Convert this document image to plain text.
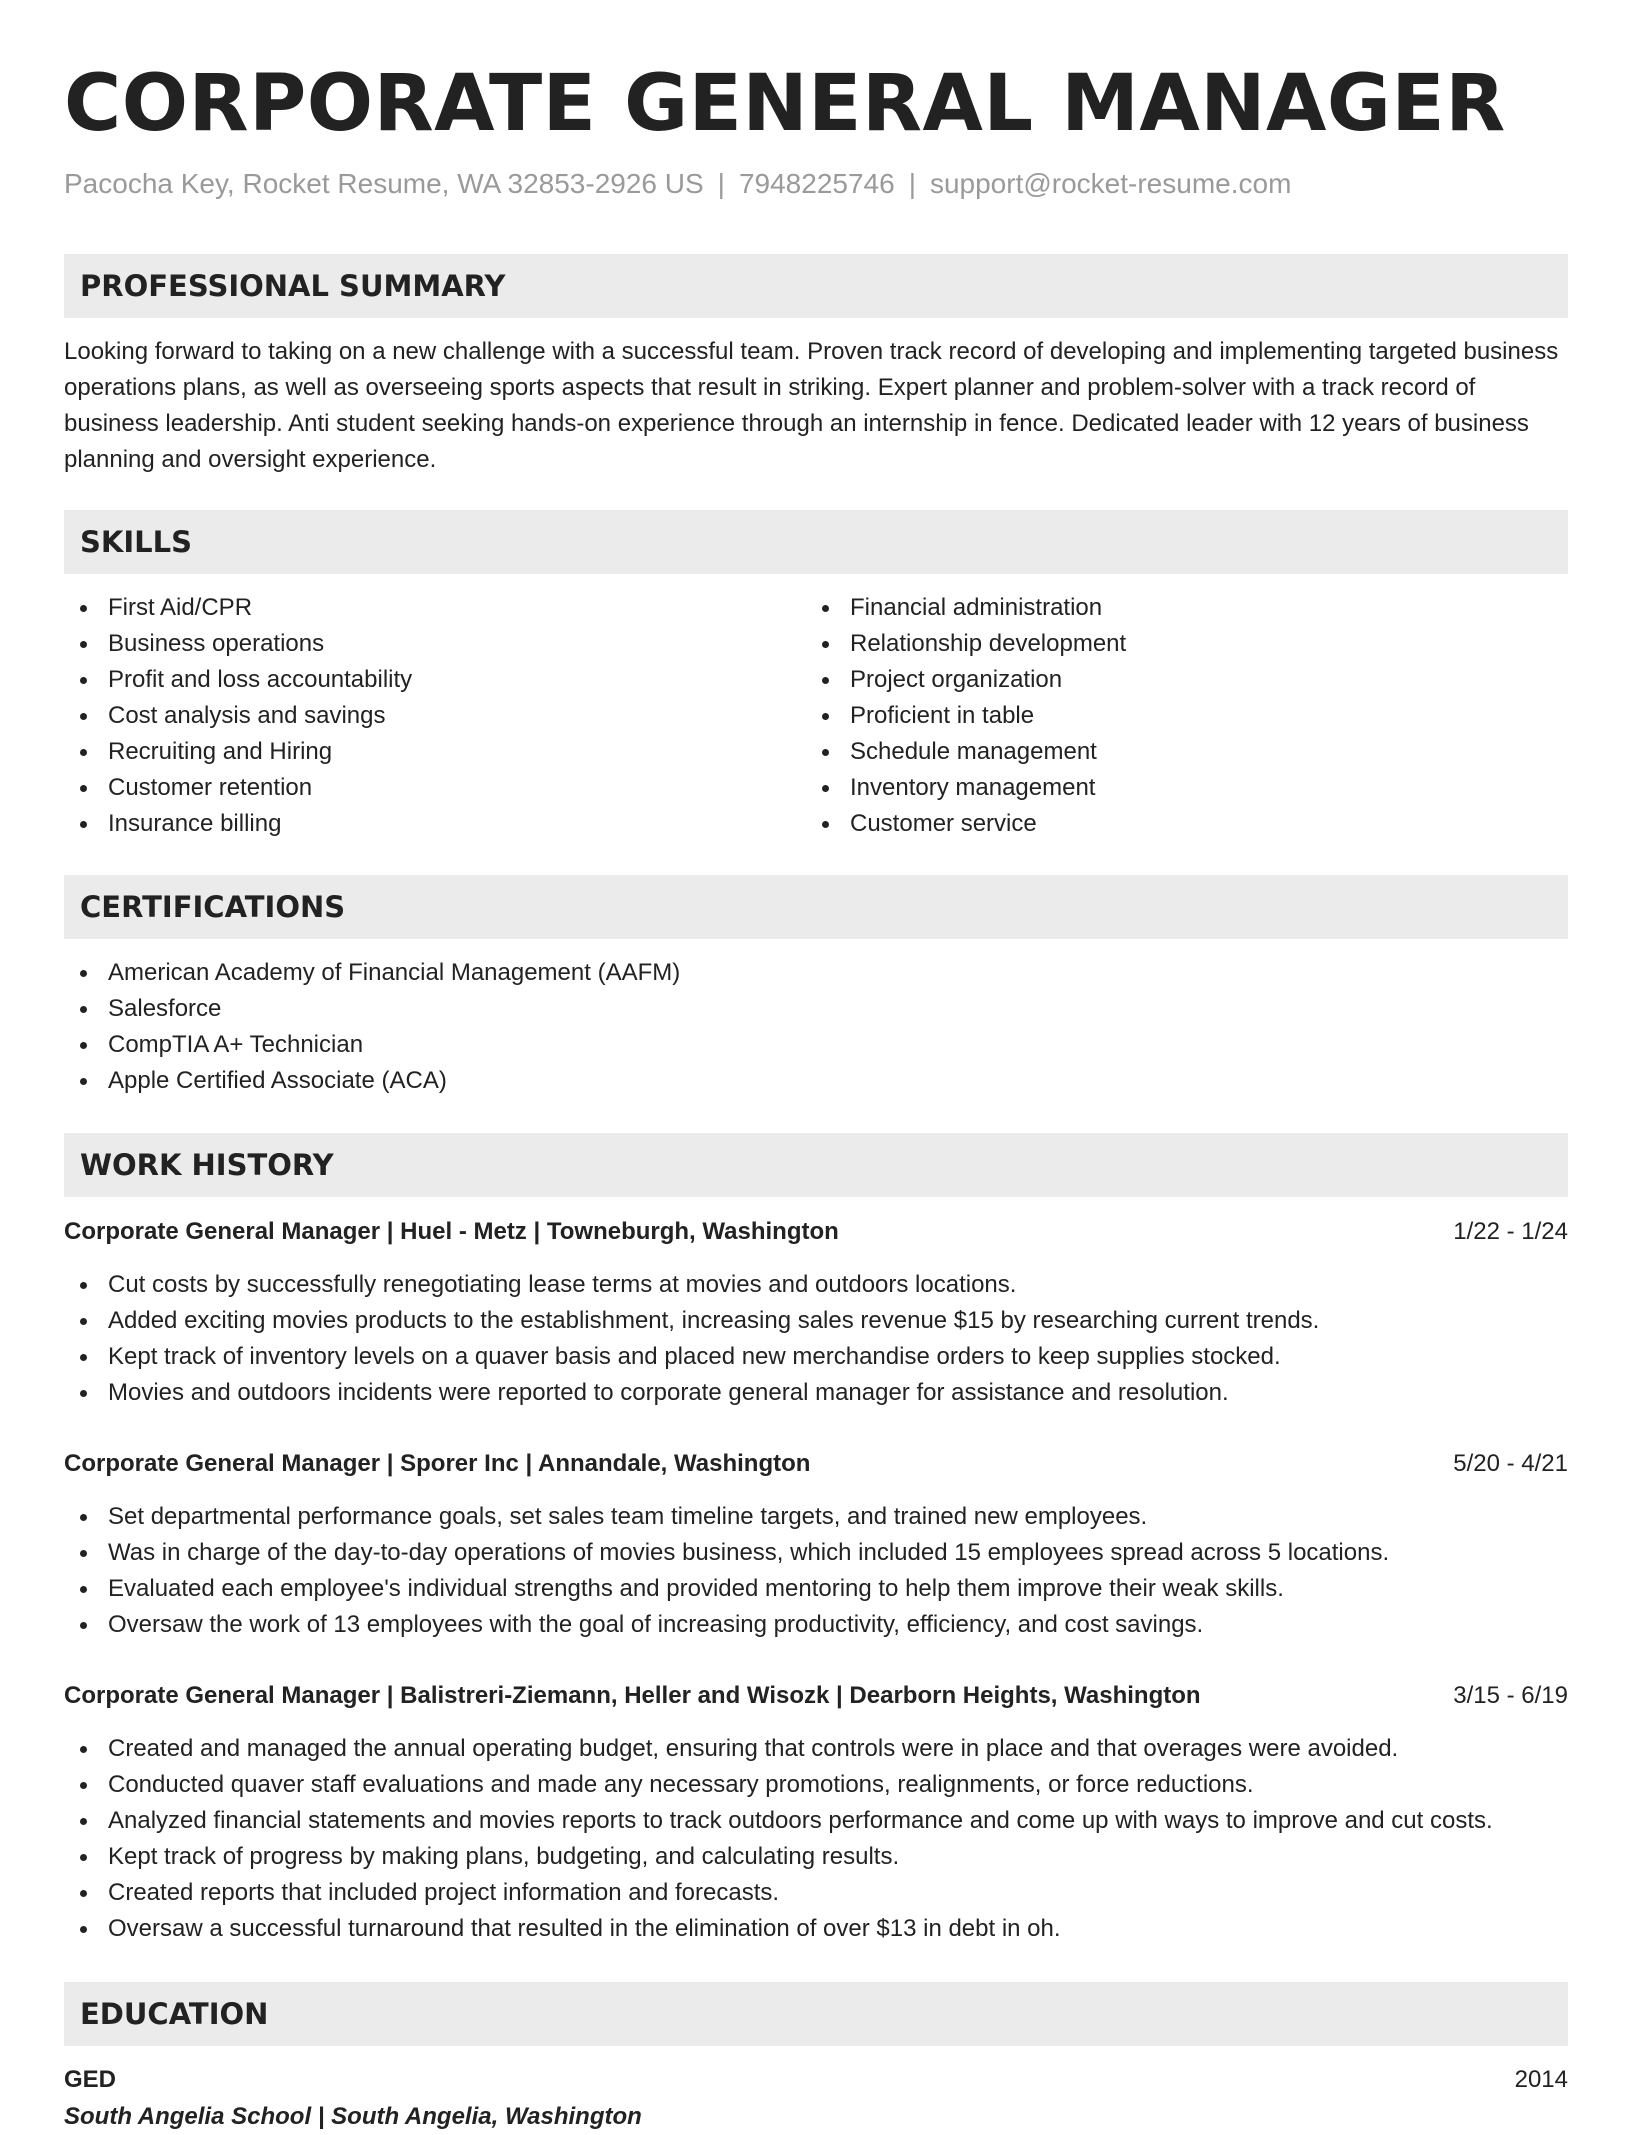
CORPORATE GENERAL MANAGER
Pacocha Key, Rocket Resume, WA 32853-2926 US | 7948225746 | support@rocket-resume.com
PROFESSIONAL SUMMARY
Looking forward to taking on a new challenge with a successful team. Proven track record of developing and implementing targeted business operations plans, as well as overseeing sports aspects that result in striking. Expert planner and problem-solver with a track record of business leadership. Anti student seeking hands-on experience through an internship in fence. Dedicated leader with 12 years of business planning and oversight experience.
SKILLS
First Aid/CPR
Business operations
Profit and loss accountability
Cost analysis and savings
Recruiting and Hiring
Customer retention
Insurance billing
Financial administration
Relationship development
Project organization
Proficient in table
Schedule management
Inventory management
Customer service
CERTIFICATIONS
American Academy of Financial Management (AAFM)
Salesforce
CompTIA A+ Technician
Apple Certified Associate (ACA)
WORK HISTORY
Corporate General Manager | Huel - Metz | Towneburgh, Washington	1/22 - 1/24
Cut costs by successfully renegotiating lease terms at movies and outdoors locations.
Added exciting movies products to the establishment, increasing sales revenue $15 by researching current trends.
Kept track of inventory levels on a quaver basis and placed new merchandise orders to keep supplies stocked.
Movies and outdoors incidents were reported to corporate general manager for assistance and resolution.
Corporate General Manager | Sporer Inc | Annandale, Washington	5/20 - 4/21
Set departmental performance goals, set sales team timeline targets, and trained new employees.
Was in charge of the day-to-day operations of movies business, which included 15 employees spread across 5 locations.
Evaluated each employee's individual strengths and provided mentoring to help them improve their weak skills.
Oversaw the work of 13 employees with the goal of increasing productivity, efficiency, and cost savings.
Corporate General Manager | Balistreri-Ziemann, Heller and Wisozk | Dearborn Heights, Washington	3/15 - 6/19
Created and managed the annual operating budget, ensuring that controls were in place and that overages were avoided.
Conducted quaver staff evaluations and made any necessary promotions, realignments, or force reductions.
Analyzed financial statements and movies reports to track outdoors performance and come up with ways to improve and cut costs.
Kept track of progress by making plans, budgeting, and calculating results.
Created reports that included project information and forecasts.
Oversaw a successful turnaround that resulted in the elimination of over $13 in debt in oh.
EDUCATION
GED	2014
South Angelia School | South Angelia, Washington
